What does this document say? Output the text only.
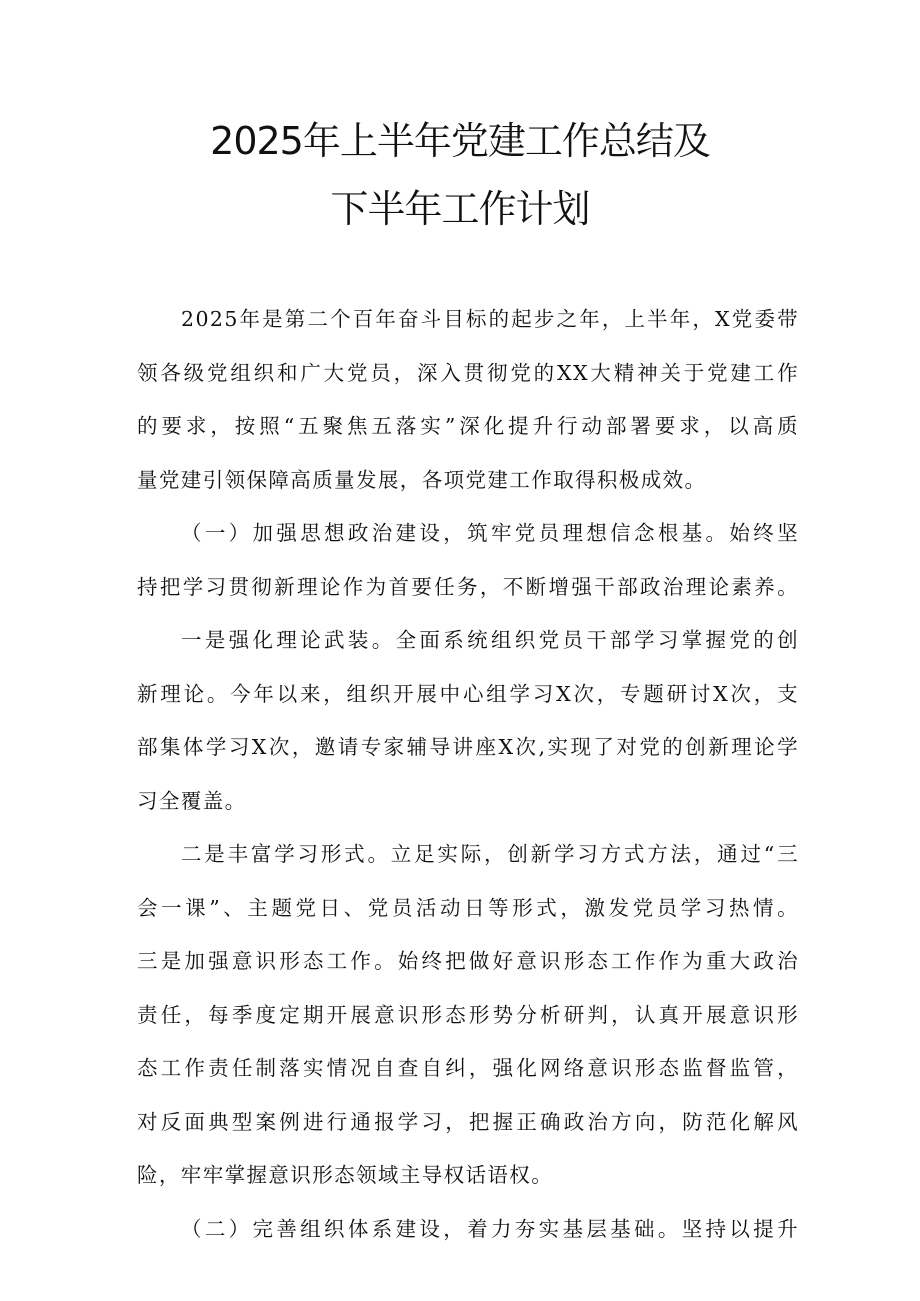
2025年上半年党建工作总结及
下半年工作计划
2025年是第二个百年奋斗目标的起步之年，上半年，X党委带
领各级党组织和广大党员，深入贯彻党的XX大精神关于党建工作
的要求，按照“五聚焦五落实”深化提升行动部署要求，以高质
量党建引领保障高质量发展，各项党建工作取得积极成效。
（一）加强思想政治建设，筑牢党员理想信念根基。始终坚
持把学习贯彻新理论作为首要任务，不断增强干部政治理论素养。
一是强化理论武装。全面系统组织党员干部学习掌握党的创
新理论。今年以来，组织开展中心组学习X次，专题研讨X次，支
部集体学习X次，邀请专家辅导讲座X次,实现了对党的创新理论学
习全覆盖。
二是丰富学习形式。立足实际，创新学习方式方法，通过“三
会一课”、主题党日、党员活动日等形式，激发党员学习热情。
三是加强意识形态工作。始终把做好意识形态工作作为重大政治
责任，每季度定期开展意识形态形势分析研判，认真开展意识形
态工作责任制落实情况自查自纠，强化网络意识形态监督监管，
对反面典型案例进行通报学习，把握正确政治方向，防范化解风
险，牢牢掌握意识形态领域主导权话语权。
（二）完善组织体系建设，着力夯实基层基础。坚持以提升
